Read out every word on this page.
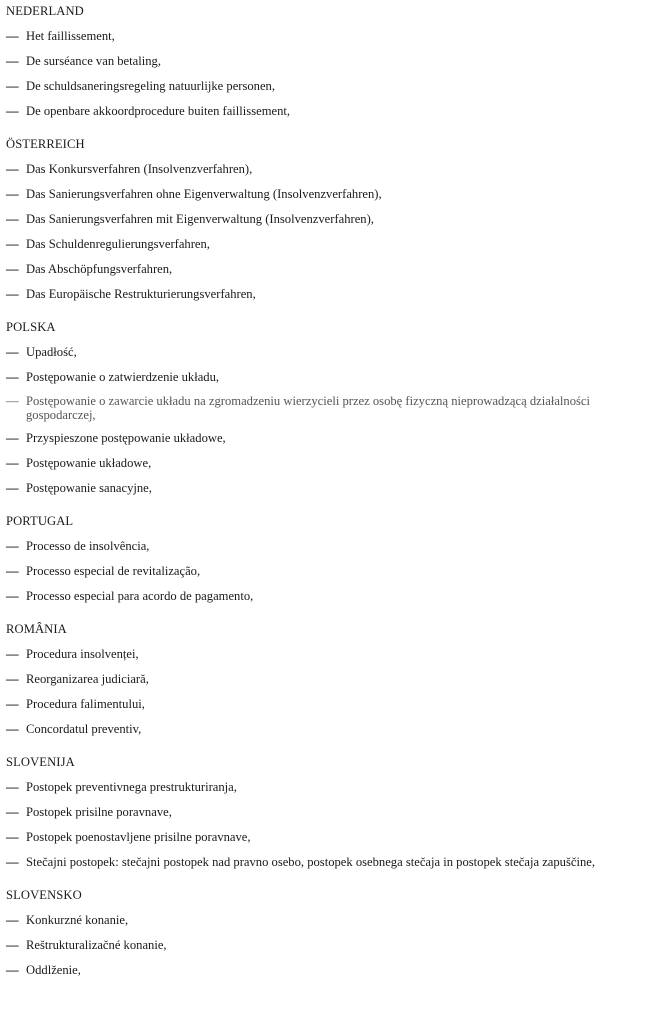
NEDERLAND
— Het faillissement,
— De surséance van betaling,
— De schuldsaneringsregeling natuurlijke personen,
— De openbare akkoordprocedure buiten faillissement,
ÖSTERREICH
— Das Konkursverfahren (Insolvenzverfahren),
— Das Sanierungsverfahren ohne Eigenverwaltung (Insolvenzverfahren),
— Das Sanierungsverfahren mit Eigenverwaltung (Insolvenzverfahren),
— Das Schuldenregulierungsverfahren,
— Das Abschöpfungsverfahren,
— Das Europäische Restrukturierungsverfahren,
POLSKA
— Upadłość,
— Postępowanie o zatwierdzenie układu,
— Postępowanie o zawarcie układu na zgromadzeniu wierzycieli przez osobę fizyczną nieprowadzącą działalności gospodarczej,
— Przyspieszone postępowanie układowe,
— Postępowanie układowe,
— Postępowanie sanacyjne,
PORTUGAL
— Processo de insolvência,
— Processo especial de revitalização,
— Processo especial para acordo de pagamento,
ROMÂNIA
— Procedura insolvenței,
— Reorganizarea judiciară,
— Procedura falimentului,
— Concordatul preventiv,
SLOVENIJA
— Postopek preventivnega prestrukturiranja,
— Postopek prisilne poravnave,
— Postopek poenostavljene prisilne poravnave,
— Stečajni postopek: stečajni postopek nad pravno osebo, postopek osebnega stečaja in postopek stečaja zapuščine,
SLOVENSKO
— Konkurzné konanie,
— Reštrukturalizačné konanie,
— Oddlženie,
